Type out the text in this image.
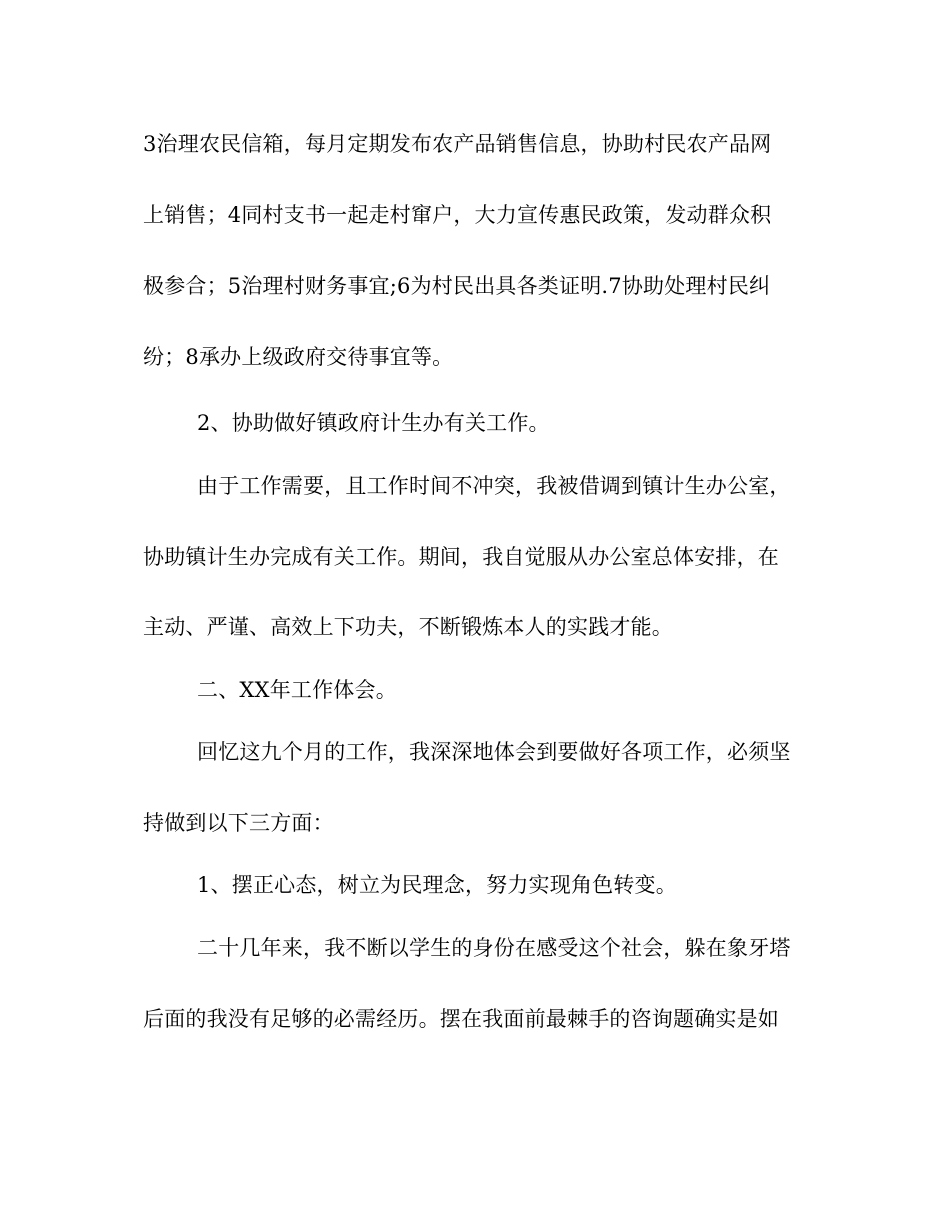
3治理农民信箱，每月定期发布农产品销售信息，协助村民农产品网
上销售；4同村支书一起走村窜户，大力宣传惠民政策，发动群众积
极参合；5治理村财务事宜;6为村民出具各类证明.7协助处理村民纠
纷；8承办上级政府交待事宜等。
2、协助做好镇政府计生办有关工作。
由于工作需要，且工作时间不冲突，我被借调到镇计生办公室，
协助镇计生办完成有关工作。期间，我自觉服从办公室总体安排，在
主动、严谨、高效上下功夫，不断锻炼本人的实践才能。
二、XX年工作体会。
回忆这九个月的工作，我深深地体会到要做好各项工作，必须坚
持做到以下三方面：
1、摆正心态，树立为民理念，努力实现角色转变。
二十几年来，我不断以学生的身份在感受这个社会，躲在象牙塔
后面的我没有足够的必需经历。摆在我面前最棘手的咨询题确实是如
